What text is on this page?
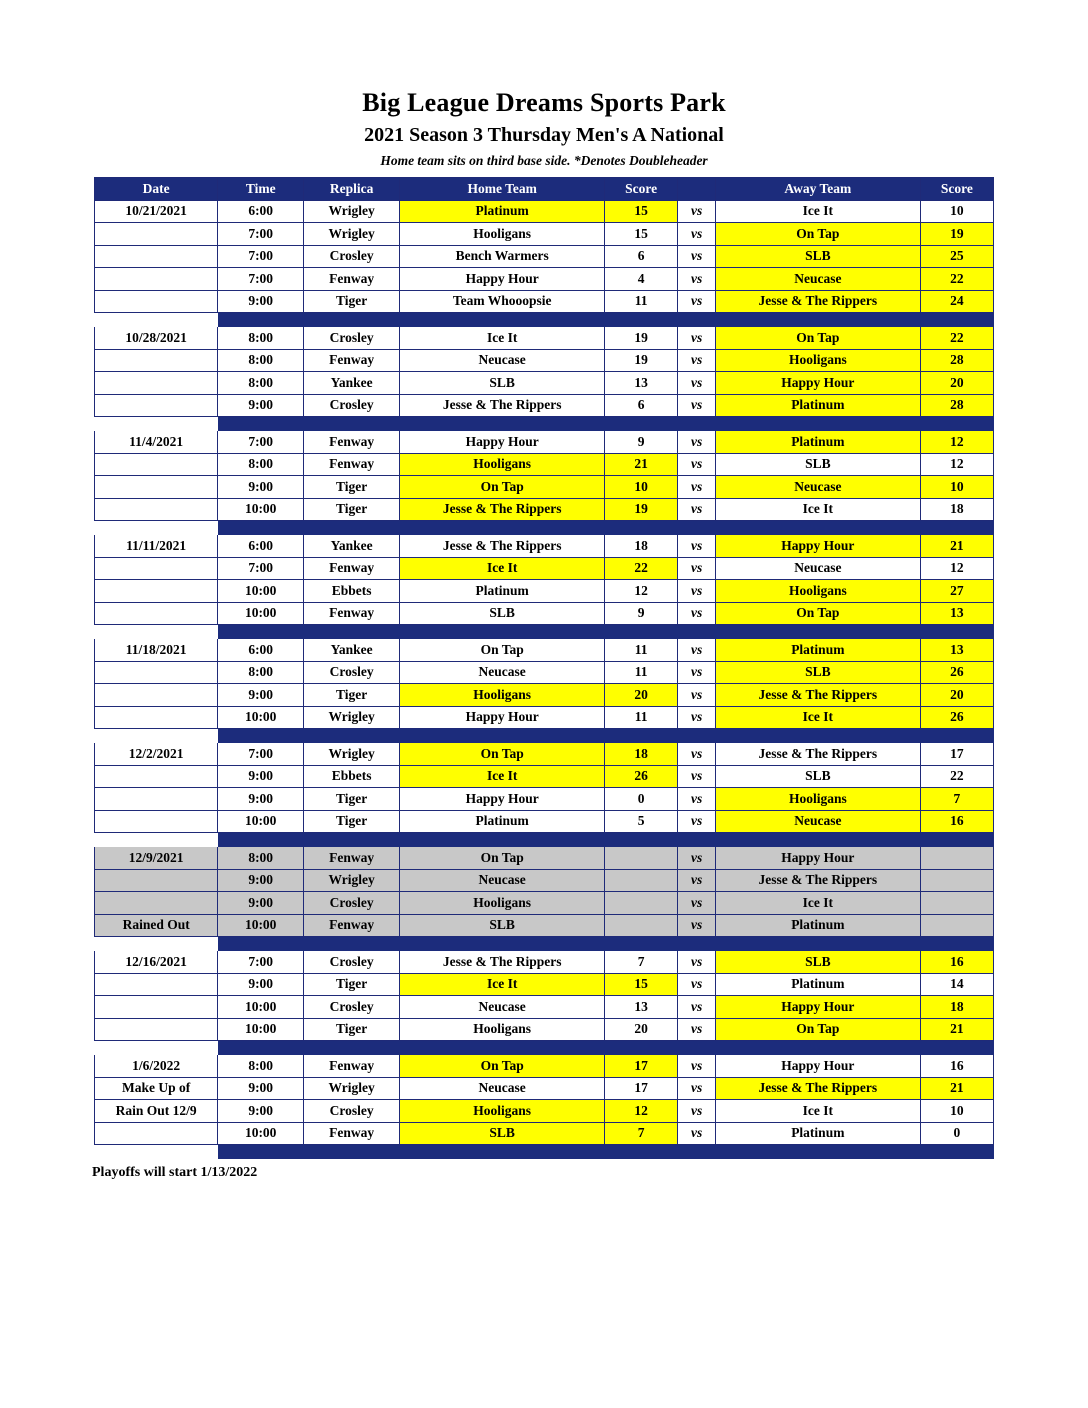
Big League Dreams Sports Park
2021 Season 3 Thursday Men's A National

Home team sits on third base side. *Denotes Doubleheader

Date	Time	Replica	Home Team	Score		Away Team	Score
10/21/2021	6:00	Wrigley	Platinum	15	vs	Ice It	10
	7:00	Wrigley	Hooligans	15	vs	On Tap	19
	7:00	Crosley	Bench Warmers	6	vs	SLB	25
	7:00	Fenway	Happy Hour	4	vs	Neucase	22
	9:00	Tiger	Team Whooopsie	11	vs	Jesse & The Rippers	24

10/28/2021	8:00	Crosley	Ice It	19	vs	On Tap	22
	8:00	Fenway	Neucase	19	vs	Hooligans	28
	8:00	Yankee	SLB	13	vs	Happy Hour	20
	9:00	Crosley	Jesse & The Rippers	6	vs	Platinum	28

11/4/2021	7:00	Fenway	Happy Hour	9	vs	Platinum	12
	8:00	Fenway	Hooligans	21	vs	SLB	12
	9:00	Tiger	On Tap	10	vs	Neucase	10
	10:00	Tiger	Jesse & The Rippers	19	vs	Ice It	18

11/11/2021	6:00	Yankee	Jesse & The Rippers	18	vs	Happy Hour	21
	7:00	Fenway	Ice It	22	vs	Neucase	12
	10:00	Ebbets	Platinum	12	vs	Hooligans	27
	10:00	Fenway	SLB	9	vs	On Tap	13

11/18/2021	6:00	Yankee	On Tap	11	vs	Platinum	13
	8:00	Crosley	Neucase	11	vs	SLB	26
	9:00	Tiger	Hooligans	20	vs	Jesse & The Rippers	20
	10:00	Wrigley	Happy Hour	11	vs	Ice It	26

12/2/2021	7:00	Wrigley	On Tap	18	vs	Jesse & The Rippers	17
	9:00	Ebbets	Ice It	26	vs	SLB	22
	9:00	Tiger	Happy Hour	0	vs	Hooligans	7
	10:00	Tiger	Platinum	5	vs	Neucase	16

12/9/2021	8:00	Fenway	On Tap		vs	Happy Hour	
	9:00	Wrigley	Neucase		vs	Jesse & The Rippers	
	9:00	Crosley	Hooligans		vs	Ice It	
Rained Out	10:00	Fenway	SLB		vs	Platinum	

12/16/2021	7:00	Crosley	Jesse & The Rippers	7	vs	SLB	16
	9:00	Tiger	Ice It	15	vs	Platinum	14
	10:00	Crosley	Neucase	13	vs	Happy Hour	18
	10:00	Tiger	Hooligans	20	vs	On Tap	21

1/6/2022	8:00	Fenway	On Tap	17	vs	Happy Hour	16
Make Up of	9:00	Wrigley	Neucase	17	vs	Jesse & The Rippers	21
Rain Out 12/9	9:00	Crosley	Hooligans	12	vs	Ice It	10
	10:00	Fenway	SLB	7	vs	Platinum	0

Playoffs will start 1/13/2022
